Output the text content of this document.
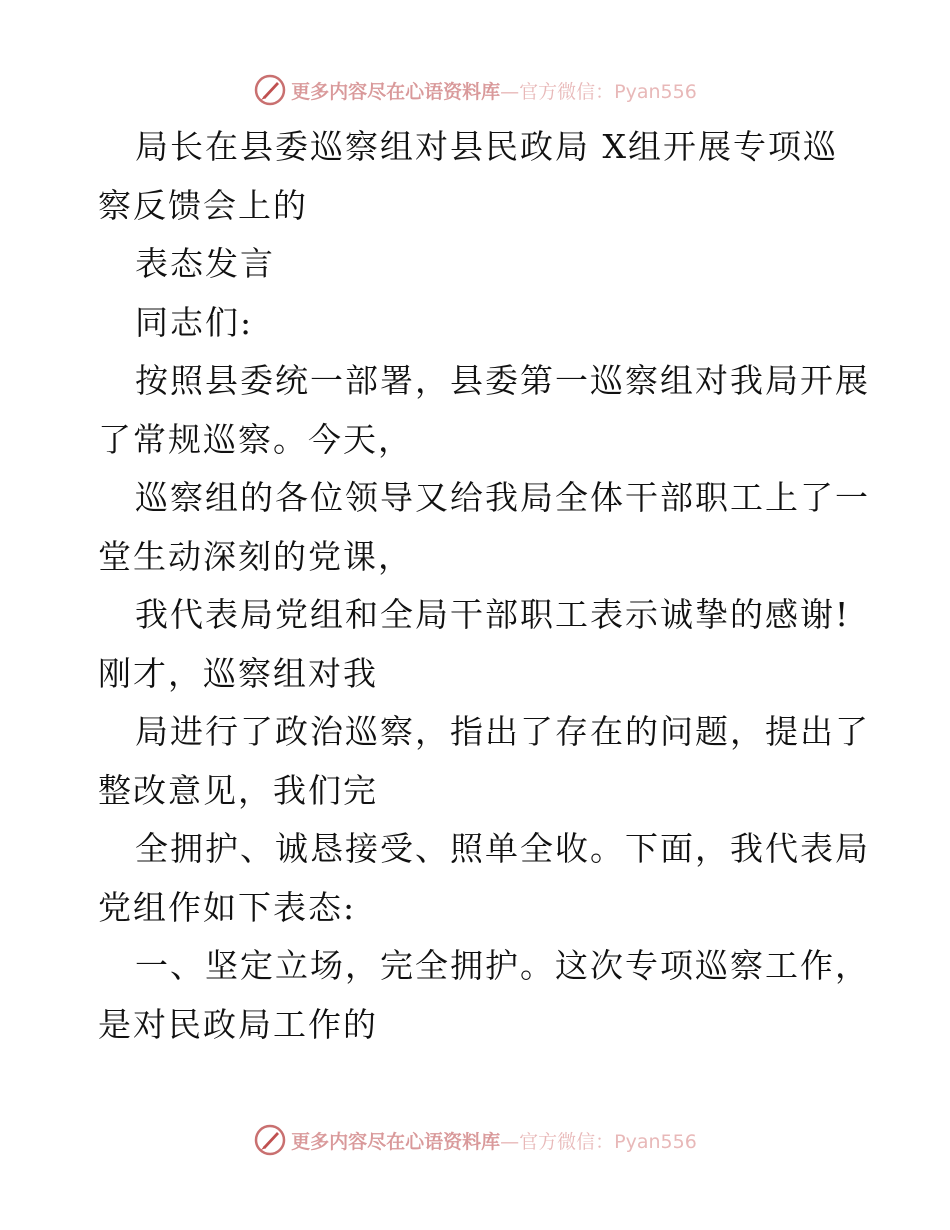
更多内容尽在心语资料库—官方微信：Pyan556
局长在县委巡察组对县民政局 X组开展专项巡
察反馈会上的
表态发言
同志们:
按照县委统一部署，县委第一巡察组对我局开展
了常规巡察。今天，
巡察组的各位领导又给我局全体干部职工上了一
堂生动深刻的党课，
我代表局党组和全局干部职工表示诚挚的感谢!
刚才，巡察组对我
局进行了政治巡察，指出了存在的问题，提出了
整改意见，我们完
全拥护、诚恳接受、照单全收。下面，我代表局
党组作如下表态:
一、坚定立场，完全拥护。这次专项巡察工作，
是对民政局工作的
更多内容尽在心语资料库—官方微信：Pyan556
